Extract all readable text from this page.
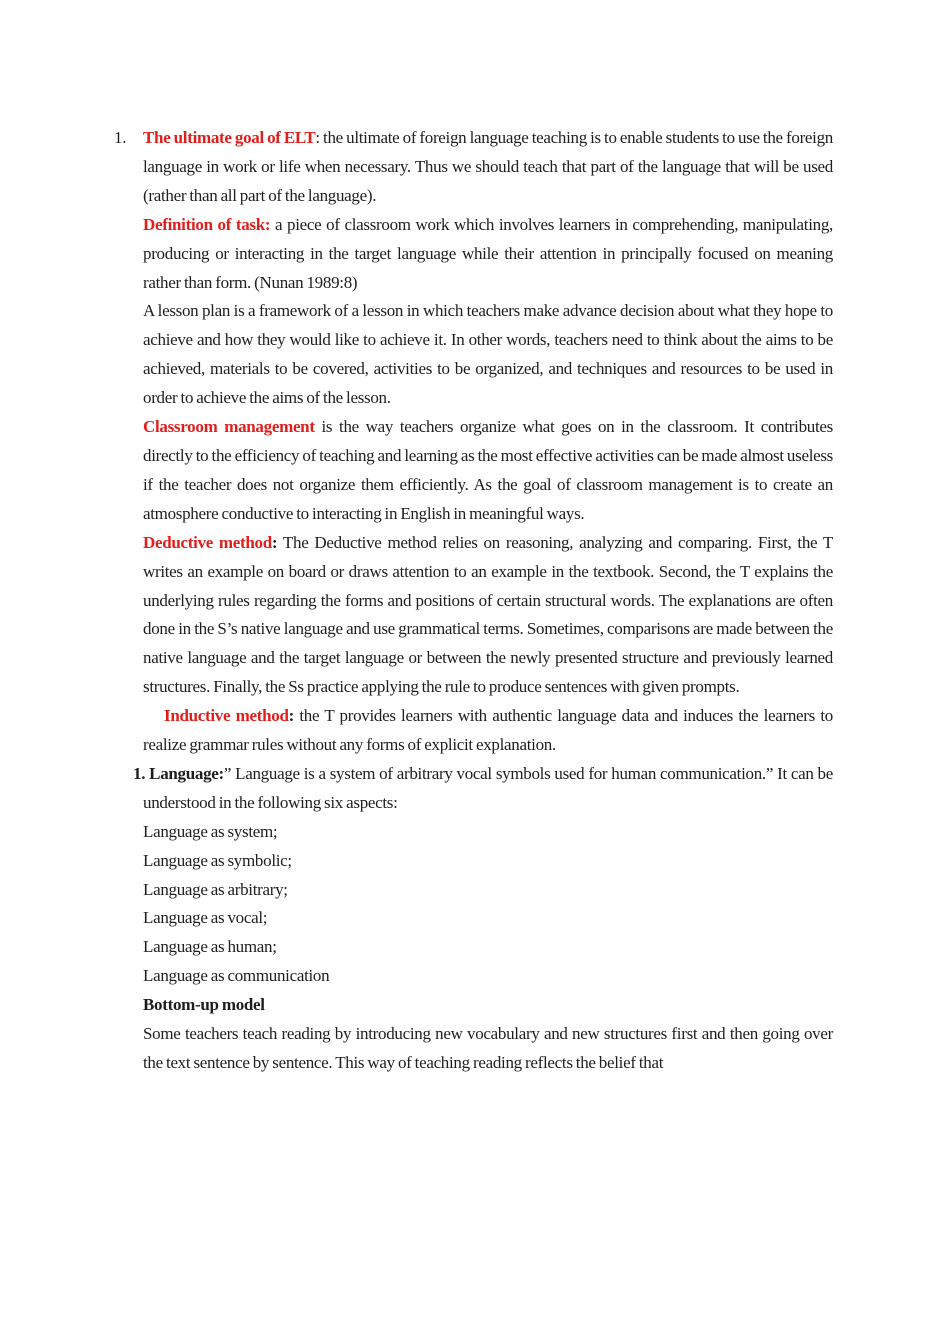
1. The ultimate goal of ELT: the ultimate of foreign language teaching is to enable students to use the foreign language in work or life when necessary. Thus we should teach that part of the language that will be used (rather than all part of the language).

Definition of task: a piece of classroom work which involves learners in comprehending, manipulating, producing or interacting in the target language while their attention in principally focused on meaning rather than form. (Nunan 1989:8)

A lesson plan is a framework of a lesson in which teachers make advance decision about what they hope to achieve and how they would like to achieve it. In other words, teachers need to think about the aims to be achieved, materials to be covered, activities to be organized, and techniques and resources to be used in order to achieve the aims of the lesson.

Classroom management is the way teachers organize what goes on in the classroom. It contributes directly to the efficiency of teaching and learning as the most effective activities can be made almost useless if the teacher does not organize them efficiently. As the goal of classroom management is to create an atmosphere conductive to interacting in English in meaningful ways.

Deductive method: The Deductive method relies on reasoning, analyzing and comparing. First, the T writes an example on board or draws attention to an example in the textbook. Second, the T explains the underlying rules regarding the forms and positions of certain structural words. The explanations are often done in the S’s native language and use grammatical terms. Sometimes, comparisons are made between the native language and the target language or between the newly presented structure and previously learned structures. Finally, the Ss practice applying the rule to produce sentences with given prompts.

Inductive method: the T provides learners with authentic language data and induces the learners to realize grammar rules without any forms of explicit explanation.

1. Language:” Language is a system of arbitrary vocal symbols used for human communication.” It can be understood in the following six aspects:

Language as system;

Language as symbolic;

Language as arbitrary;

Language as vocal;

Language as human;

Language as communication

Bottom-up model

Some teachers teach reading by introducing new vocabulary and new structures first and then going over the text sentence by sentence. This way of teaching reading reflects the belief that
